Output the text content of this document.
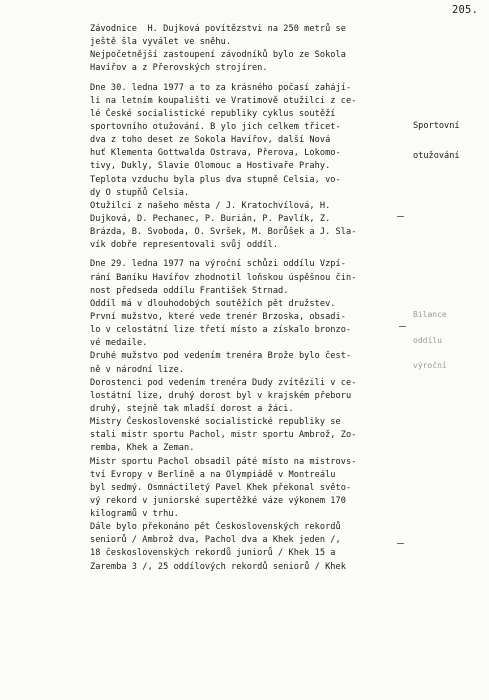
205.
Závodnice  H. Dujková povítězstvi na 250 metrů se
ještě šla vyválet ve sněhu.
Nejpočetnější zastoupení závodníků bylo ze Sokola
Havířov a z Přerovských strojíren.
Dne 30. ledna 1977 a to za krásného počasí zahájí-
li na letním koupališti ve Vratimově otužilci z ce-
lé České socialistické republiky cyklus soutěží
sportovního otužování. B ylo jich celkem třicet-
dva z toho deset ze Sokola Havířov, další Nová
huť Klementa Gottwalda Ostrava, Přerova, Lokomo-
tivy, Dukly, Slavie Olomouc a Hostivaře Prahy.
Teplota vzduchu byla plus dva stupně Celsia, vo-
dy O stupňů Celsia.
Otužilci z našeho města / J. Kratochvílová, H.
Dujková, D. Pechanec, P. Burián, P. Pavlík, Z.
Brázda, B. Svoboda, O. Svršek, M. Borůšek a J. Sla-
vík dobře representovali svůj oddíl.
Dne 29. ledna 1977 na výroční schůzi oddílu Vzpí-
rání Baníku Havířov zhodnotil loňskou úspěšnou čin-
nost předseda oddílu František Strnad.
Oddíl má v dlouhodobých soutěžích pět družstev.
První mužstvo, které vede trenér Brzoska, obsadi-
lo v celostátní lize třetí místo a získalo bronzo-
vé medaile.
Druhé mužstvo pod vedením trenéra Brože bylo čest-
ně v národní lize.
Dorostenci pod vedením trenéra Dudy zvítězili v ce-
lostátní lize, druhý dorost byl v krajském přeboru
druhý, stejně tak mladší dorost a žáci.
Mistry Československé socialistické republiky se
stali mistr sportu Pachol, mistr sportu Ambrož, Zo-
remba, Khek a Zeman.
Mistr sportu Pachol obsadil páté místo na mistrovs-
tví Evropy v Berlíně a na Olympiádě v Montreálu
byl sedmý. Osmnáctiletý Pavel Khek překonal světo-
vý rekord v juniorské supertěžké váze výkonem 170
kilogramů v trhu.
Dále bylo překonáno pět Československých rekordů
seniorů / Ambrož dva, Pachol dva a Khek jeden /,
18 československých rekordů juniorů / Khek 15 a
Zaremba 3 /, 25 oddílových rekordů seniorů / Khek

Sportovní

otužování

Bilance

oddílu

výroční
